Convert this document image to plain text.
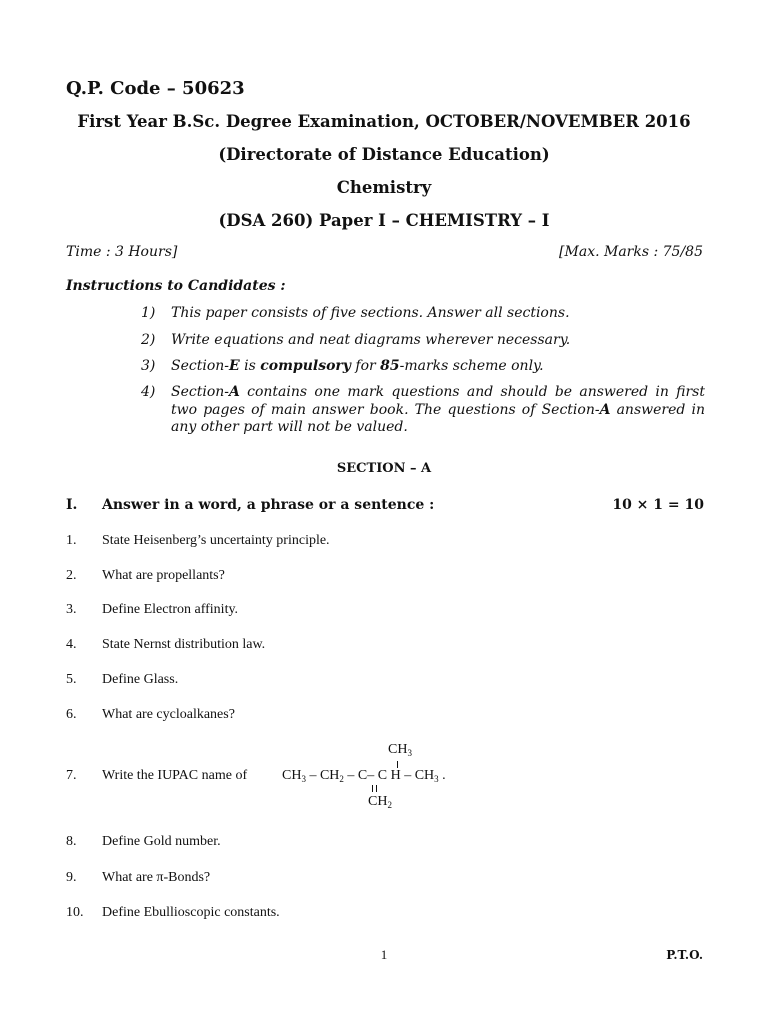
Q.P. Code – 50623
First Year B.Sc. Degree Examination, OCTOBER/NOVEMBER 2016
(Directorate of Distance Education)
Chemistry
(DSA 260) Paper I – CHEMISTRY – I
Time : 3 Hours]	[Max. Marks : 75/85
Instructions to Candidates :
1) This paper consists of five sections. Answer all sections.
2) Write equations and neat diagrams wherever necessary.
3) Section-E is compulsory for 85-marks scheme only.
4) Section-A contains one mark questions and should be answered in first two pages of main answer book. The questions of Section-A answered in any other part will not be valued.
SECTION – A
I. Answer in a word, a phrase or a sentence :	10 × 1 = 10
1.	State Heisenberg’s uncertainty principle.
2.	What are propellants?
3.	Define Electron affinity.
4.	State Nernst distribution law.
5.	Define Glass.
6.	What are cycloalkanes?
7.	Write the IUPAC name of
$CH_3$
$CH_3 - CH_2 - C-$ C H – $CH_3$ .
$CH_2$
8.	Define Gold number.
9.	What are π-Bonds?
10.	Define Ebullioscopic constants.
1	P.T.O.
